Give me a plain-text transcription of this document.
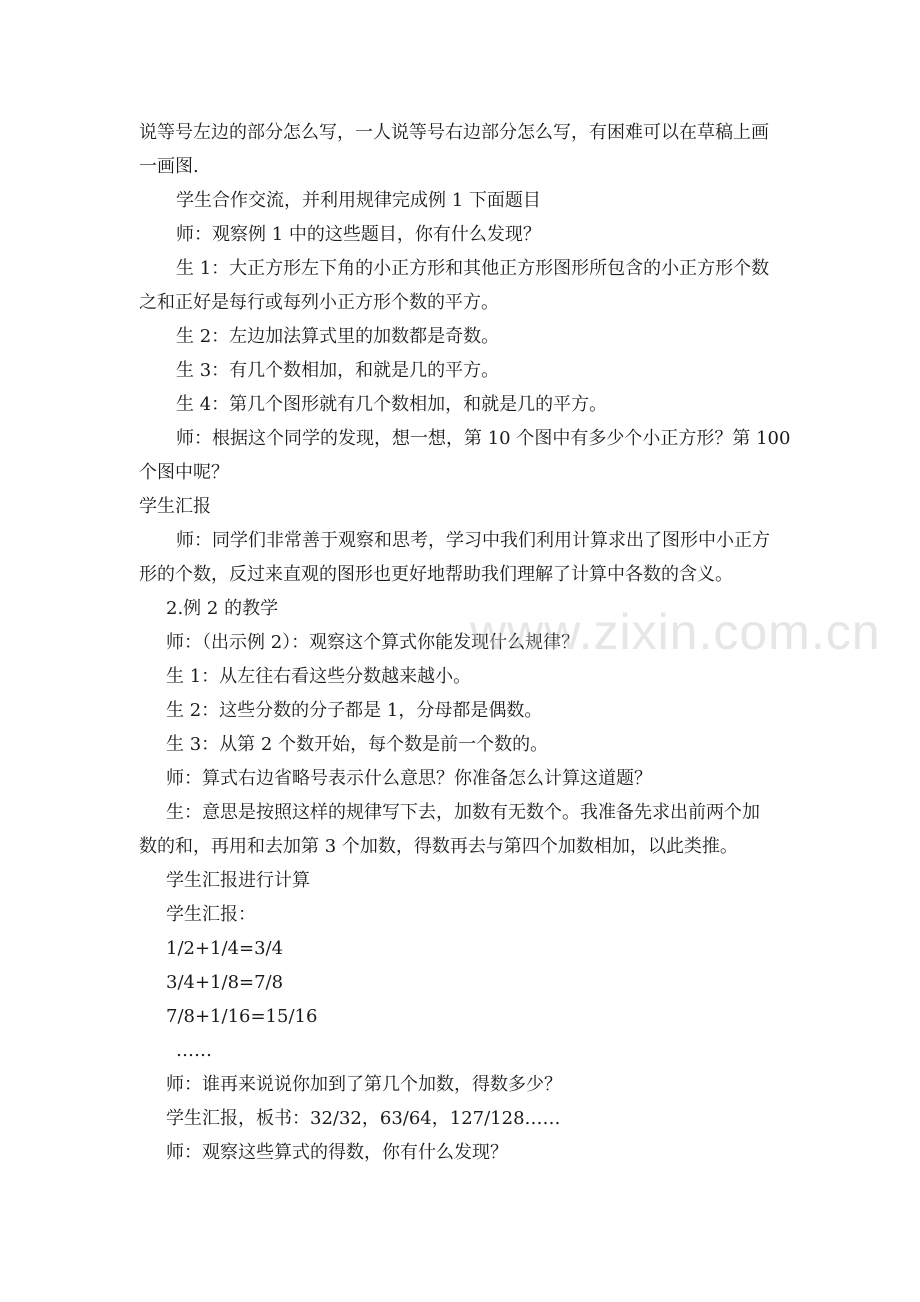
说等号左边的部分怎么写，一人说等号右边部分怎么写，有困难可以在草稿上画
一画图.
学生合作交流，并利用规律完成例 1 下面题目
师：观察例 1 中的这些题目，你有什么发现？
生 1：大正方形左下角的小正方形和其他正方形图形所包含的小正方形个数
之和正好是每行或每列小正方形个数的平方。
生 2：左边加法算式里的加数都是奇数。
生 3：有几个数相加，和就是几的平方。
生 4：第几个图形就有几个数相加，和就是几的平方。
师：根据这个同学的发现，想一想，第 10 个图中有多少个小正方形？第 100
个图中呢？
学生汇报
师：同学们非常善于观察和思考，学习中我们利用计算求出了图形中小正方
形的个数，反过来直观的图形也更好地帮助我们理解了计算中各数的含义。
2.例 2 的教学
师：（出示例 2）：观察这个算式你能发现什么规律？
生 1：从左往右看这些分数越来越小。
生 2：这些分数的分子都是 1，分母都是偶数。
生 3：从第 2 个数开始，每个数是前一个数的。
师：算式右边省略号表示什么意思？你准备怎么计算这道题？
生：意思是按照这样的规律写下去，加数有无数个。我准备先求出前两个加
数的和，再用和去加第 3 个加数，得数再去与第四个加数相加，以此类推。
学生汇报进行计算
学生汇报：
1/2+1/4=3/4
3/4+1/8=7/8
7/8+1/16=15/16
……
师：谁再来说说你加到了第几个加数，得数多少？
学生汇报，板书：32/32，63/64，127/128……
师：观察这些算式的得数，你有什么发现？
www.zixin.com.cn
